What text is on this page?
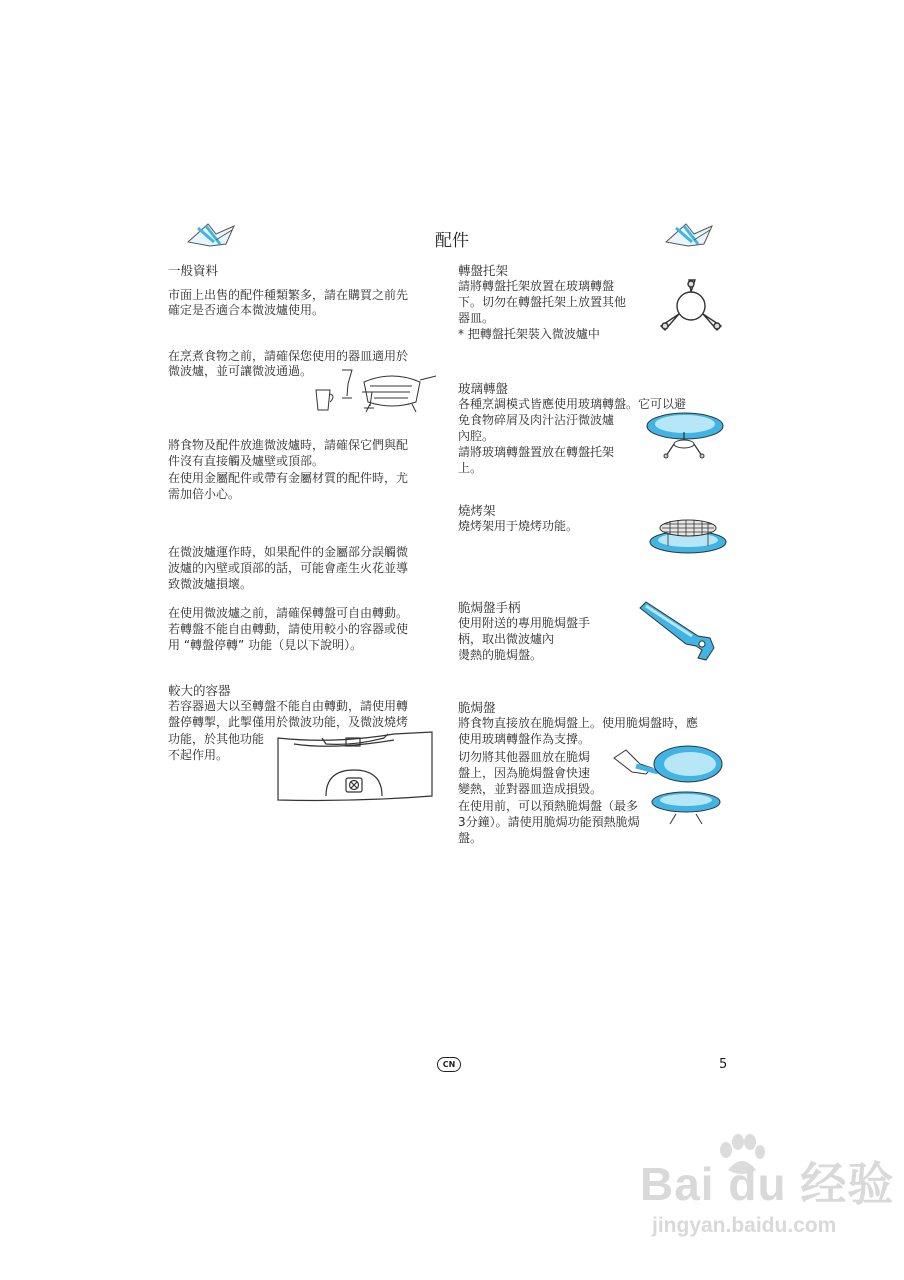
配件
一般資料
市面上出售的配件種類繁多，請在購買之前先
確定是否適合本微波爐使用。
在烹煮食物之前，請確保您使用的器皿適用於
微波爐，並可讓微波通過。
將食物及配件放進微波爐時，請確保它們與配
件沒有直接觸及爐壁或頂部。
在使用金屬配件或帶有金屬材質的配件時，尤
需加倍小心。
在微波爐運作時，如果配件的金屬部分誤觸微
波爐的內壁或頂部的話，可能會產生火花並導
致微波爐損壞。
在使用微波爐之前，請確保轉盤可自由轉動。
若轉盤不能自由轉動，請使用較小的容器或使
用 “轉盤停轉” 功能（見以下說明）。
較大的容器
若容器過大以至轉盤不能自由轉動，請使用轉
盤停轉掣，此掣僅用於微波功能，及微波燒烤
功能，於其他功能
不起作用。
轉盤托架
請將轉盤托架放置在玻璃轉盤
下。切勿在轉盤托架上放置其他
器皿。
* 把轉盤托架裝入微波爐中
玻璃轉盤
各種烹調模式皆應使用玻璃轉盤。它可以避
免食物碎屑及肉汁沾汙微波爐
內腔。
請將玻璃轉盤置放在轉盤托架
上。
燒烤架
燒烤架用于燒烤功能。
脆焗盤手柄
使用附送的專用脆焗盤手
柄，取出微波爐內
燙熱的脆焗盤。
脆焗盤
將食物直接放在脆焗盤上。使用脆焗盤時，應
使用玻璃轉盤作為支撐。
切勿將其他器皿放在脆焗
盤上，因為脆焗盤會快速
變熱，並對器皿造成損毀。
在使用前，可以預熱脆焗盤（最多
3分鐘）。請使用脆焗功能預熱脆焗
盤。
CN	5
Bai du 经验
jingyan.baidu.com
